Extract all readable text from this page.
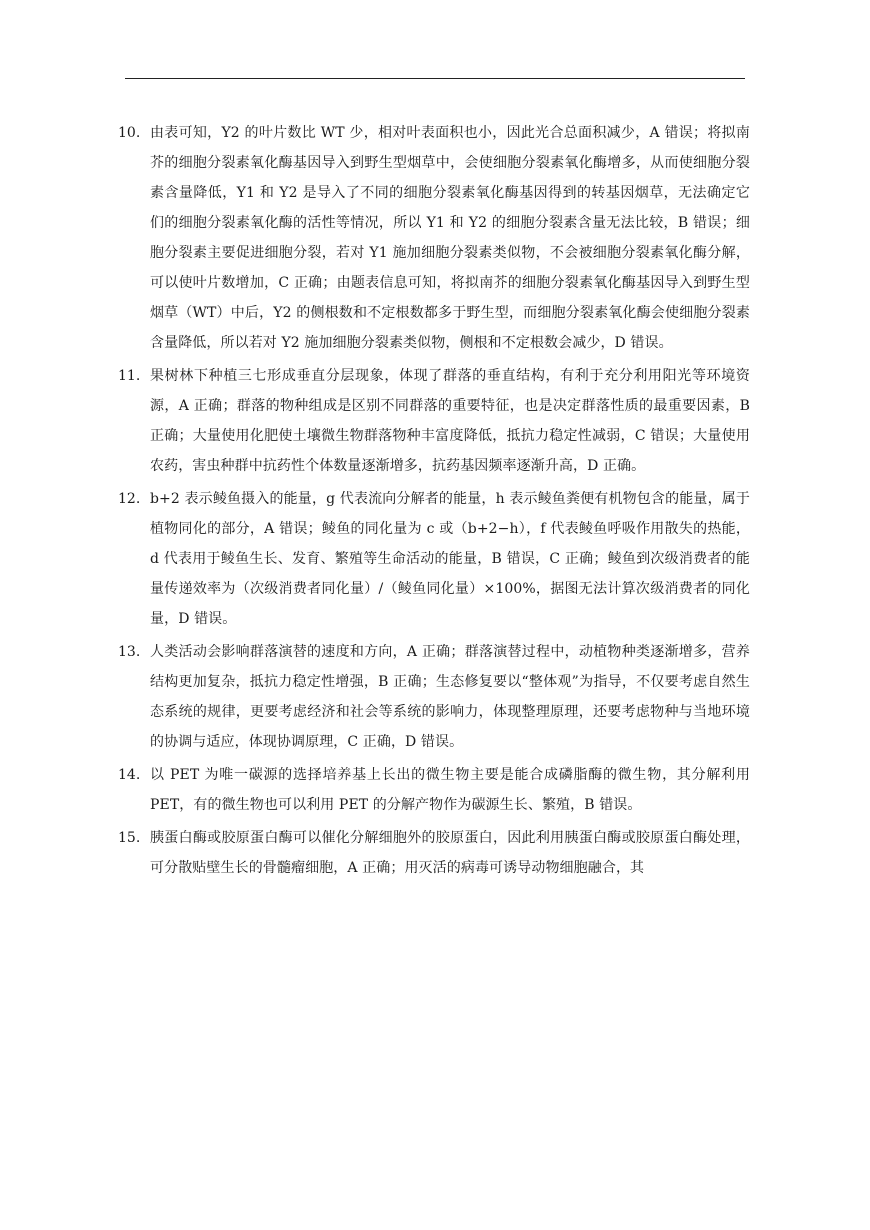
10. 由表可知，Y2 的叶片数比 WT 少，相对叶表面积也小，因此光合总面积减少，A 错误；将拟南芥的细胞分裂素氧化酶基因导入到野生型烟草中，会使细胞分裂素氧化酶增多，从而使细胞分裂素含量降低，Y1 和 Y2 是导入了不同的细胞分裂素氧化酶基因得到的转基因烟草，无法确定它们的细胞分裂素氧化酶的活性等情况，所以 Y1 和 Y2 的细胞分裂素含量无法比较，B 错误；细胞分裂素主要促进细胞分裂，若对 Y1 施加细胞分裂素类似物，不会被细胞分裂素氧化酶分解，可以使叶片数增加，C 正确；由题表信息可知，将拟南芥的细胞分裂素氧化酶基因导入到野生型烟草（WT）中后，Y2 的侧根数和不定根数都多于野生型，而细胞分裂素氧化酶会使细胞分裂素含量降低，所以若对 Y2 施加细胞分裂素类似物，侧根和不定根数会减少，D 错误。
11. 果树林下种植三七形成垂直分层现象，体现了群落的垂直结构，有利于充分利用阳光等环境资源，A 正确；群落的物种组成是区别不同群落的重要特征，也是决定群落性质的最重要因素，B 正确；大量使用化肥使土壤微生物群落物种丰富度降低，抵抗力稳定性减弱，C 错误；大量使用农药，害虫种群中抗药性个体数量逐渐增多，抗药基因频率逐渐升高，D 正确。
12. b+2 表示鲮鱼摄入的能量，g 代表流向分解者的能量，h 表示鲮鱼粪便有机物包含的能量，属于植物同化的部分，A 错误；鲮鱼的同化量为 c 或（b+2−h），f 代表鲮鱼呼吸作用散失的热能，d 代表用于鲮鱼生长、发育、繁殖等生命活动的能量，B 错误，C 正确；鲮鱼到次级消费者的能量传递效率为（次级消费者同化量）/（鲮鱼同化量）×100%，据图无法计算次级消费者的同化量，D 错误。
13. 人类活动会影响群落演替的速度和方向，A 正确；群落演替过程中，动植物种类逐渐增多，营养结构更加复杂，抵抗力稳定性增强，B 正确；生态修复要以“整体观”为指导，不仅要考虑自然生态系统的规律，更要考虑经济和社会等系统的影响力，体现整理原理，还要考虑物种与当地环境的协调与适应，体现协调原理，C 正确，D 错误。
14. 以 PET 为唯一碳源的选择培养基上长出的微生物主要是能合成磷脂酶的微生物，其分解利用 PET，有的微生物也可以利用 PET 的分解产物作为碳源生长、繁殖，B 错误。
15. 胰蛋白酶或胶原蛋白酶可以催化分解细胞外的胶原蛋白，因此利用胰蛋白酶或胶原蛋白酶处理，可分散贴壁生长的骨髓瘤细胞，A 正确；用灭活的病毒可诱导动物细胞融合，其
